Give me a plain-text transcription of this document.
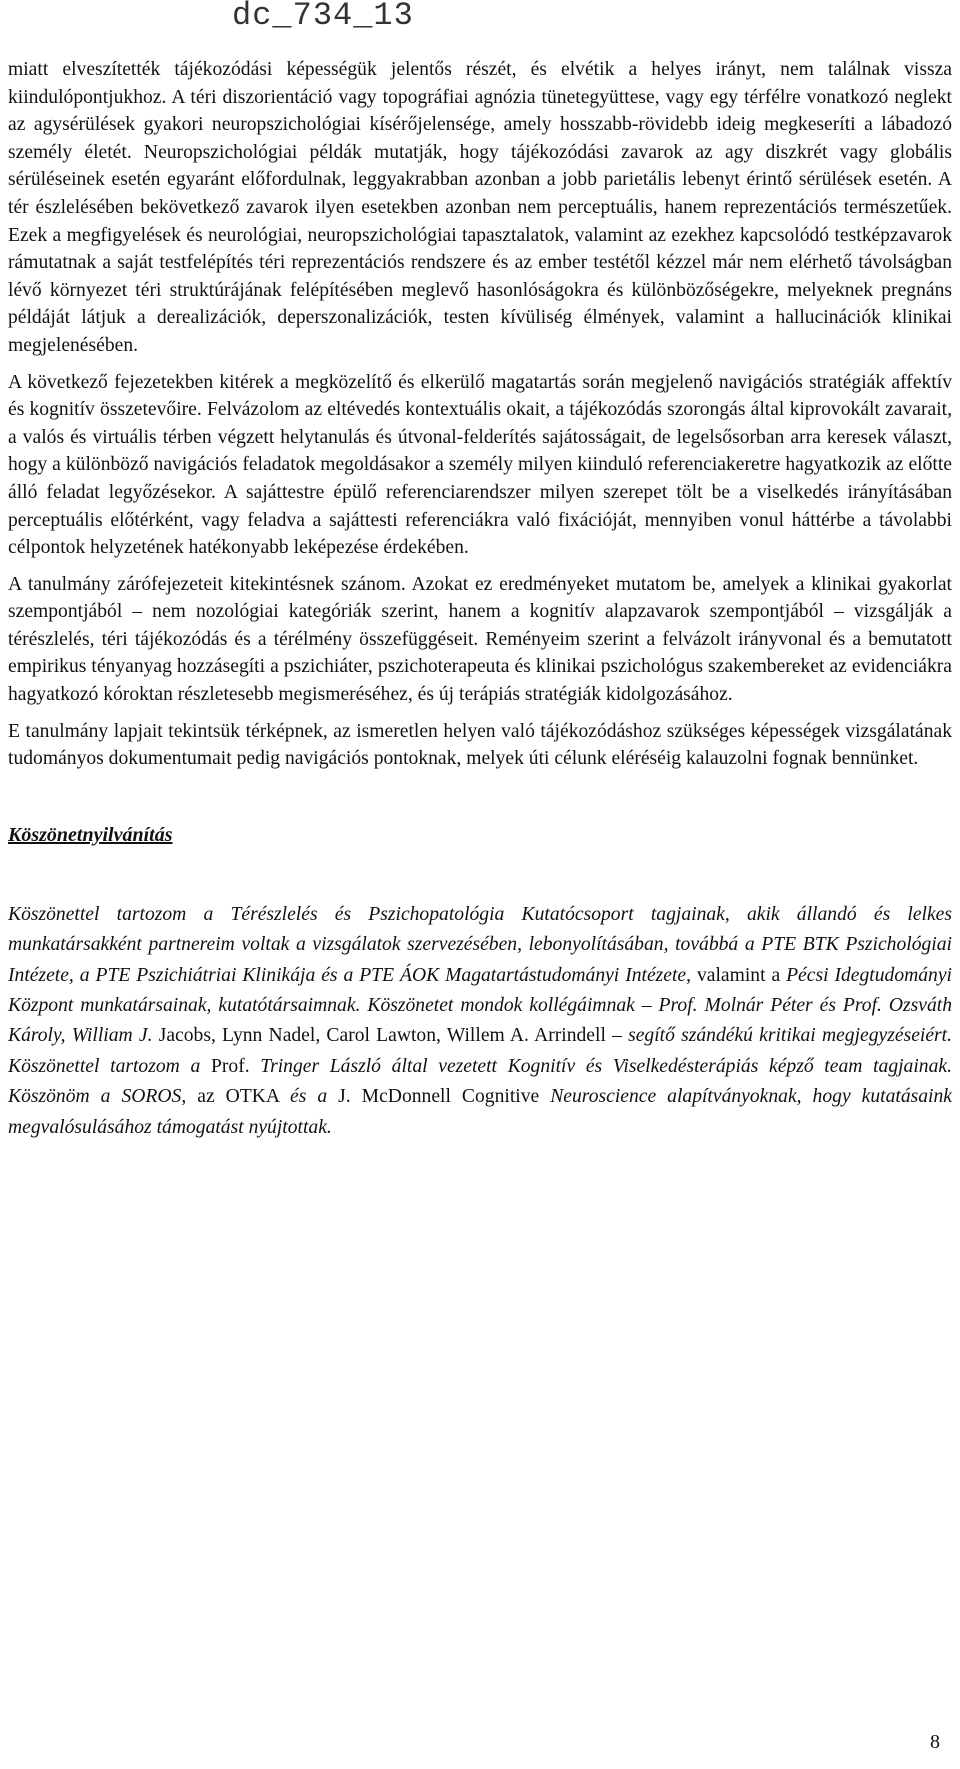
dc_734_13

miatt elveszítették tájékozódási képességük jelentős részét, és elvétik a helyes irányt, nem találnak vissza kiindulópontjukhoz. A téri diszorientáció vagy topográfiai agnózia tünetegyüttese, vagy egy térfélre vonatkozó neglekt az agysérülések gyakori neuropszichológiai kísérőjelensége, amely hosszabb-rövidebb ideig megkeseríti a lábadozó személy életét. Neuropszichológiai példák mutatják, hogy tájékozódási zavarok az agy diszkrét vagy globális sérüléseinek esetén egyaránt előfordulnak, leggyakrabban azonban a jobb parietális lebenyt érintő sérülések esetén. A tér észlelésében bekövetkező zavarok ilyen esetekben azonban nem perceptuális, hanem reprezentációs természetűek. Ezek a megfigyelések és neurológiai, neuropszichológiai tapasztalatok, valamint az ezekhez kapcsolódó testképzavarok rámutatnak a saját testfelépítés téri reprezentációs rendszere és az ember testétől kézzel már nem elérhető távolságban lévő környezet téri struktúrájának felépítésében meglevő hasonlóságokra és különbözőségekre, melyeknek pregnáns példáját látjuk a derealizációk, deperszonalizációk, testen kívüliség élmények, valamint a hallucinációk klinikai megjelenésében.

A következő fejezetekben kitérek a megközelítő és elkerülő magatartás során megjelenő navigációs stratégiák affektív és kognitív összetevőire. Felvázolom az eltévedés kontextuális okait, a tájékozódás szorongás által kiprovokált zavarait, a valós és virtuális térben végzett helytanulás és útvonal-felderítés sajátosságait, de legelsősorban arra keresek választ, hogy a különböző navigációs feladatok megoldásakor a személy milyen kiinduló referenciakeretre hagyatkozik az előtte álló feladat legyőzésekor. A sajáttestre épülő referenciarendszer milyen szerepet tölt be a viselkedés irányításában perceptuális előtérként, vagy feladva a sajáttesti referenciákra való fixációját, mennyiben vonul háttérbe a távolabbi célpontok helyzetének hatékonyabb leképezése érdekében.

A tanulmány zárófejezeteit kitekintésnek szánom. Azokat ez eredményeket mutatom be, amelyek a klinikai gyakorlat szempontjából – nem nozológiai kategóriák szerint, hanem a kognitív alapzavarok szempontjából – vizsgálják a térészlelés, téri tájékozódás és a térélmény összefüggéseit. Reményeim szerint a felvázolt irányvonal és a bemutatott empirikus tényanyag hozzásegíti a pszichiáter, pszichoterapeuta és klinikai pszichológus szakembereket az evidenciákra hagyatkozó kóroktan részletesebb megismeréséhez, és új terápiás stratégiák kidolgozásához.

E tanulmány lapjait tekintsük térképnek, az ismeretlen helyen való tájékozódáshoz szükséges képességek vizsgálatának tudományos dokumentumait pedig navigációs pontoknak, melyek úti célunk eléréséig kalauzolni fognak bennünket.

Köszönetnyilvánítás

Köszönettel tartozom a Térészlelés és Pszichopatológia Kutatócsoport tagjainak, akik állandó és lelkes munkatársakként partnereim voltak a vizsgálatok szervezésében, lebonyolításában, továbbá a PTE BTK Pszichológiai Intézete, a PTE Pszichiátriai Klinikája és a PTE ÁOK Magatartástudományi Intézete, valamint a Pécsi Idegtudományi Központ munkatársainak, kutatótársaimnak. Köszönetet mondok kollégáimnak – Prof. Molnár Péter és Prof. Ozsváth Károly, William J. Jacobs, Lynn Nadel, Carol Lawton, Willem A. Arrindell – segítő szándékú kritikai megjegyzéseiért. Köszönettel tartozom a Prof. Tringer László által vezetett Kognitív és Viselkedésterápiás képző team tagjainak. Köszönöm a SOROS, az OTKA és a J. McDonnell Cognitive Neuroscience alapítványoknak, hogy kutatásaink megvalósulásához támogatást nyújtottak.

8
